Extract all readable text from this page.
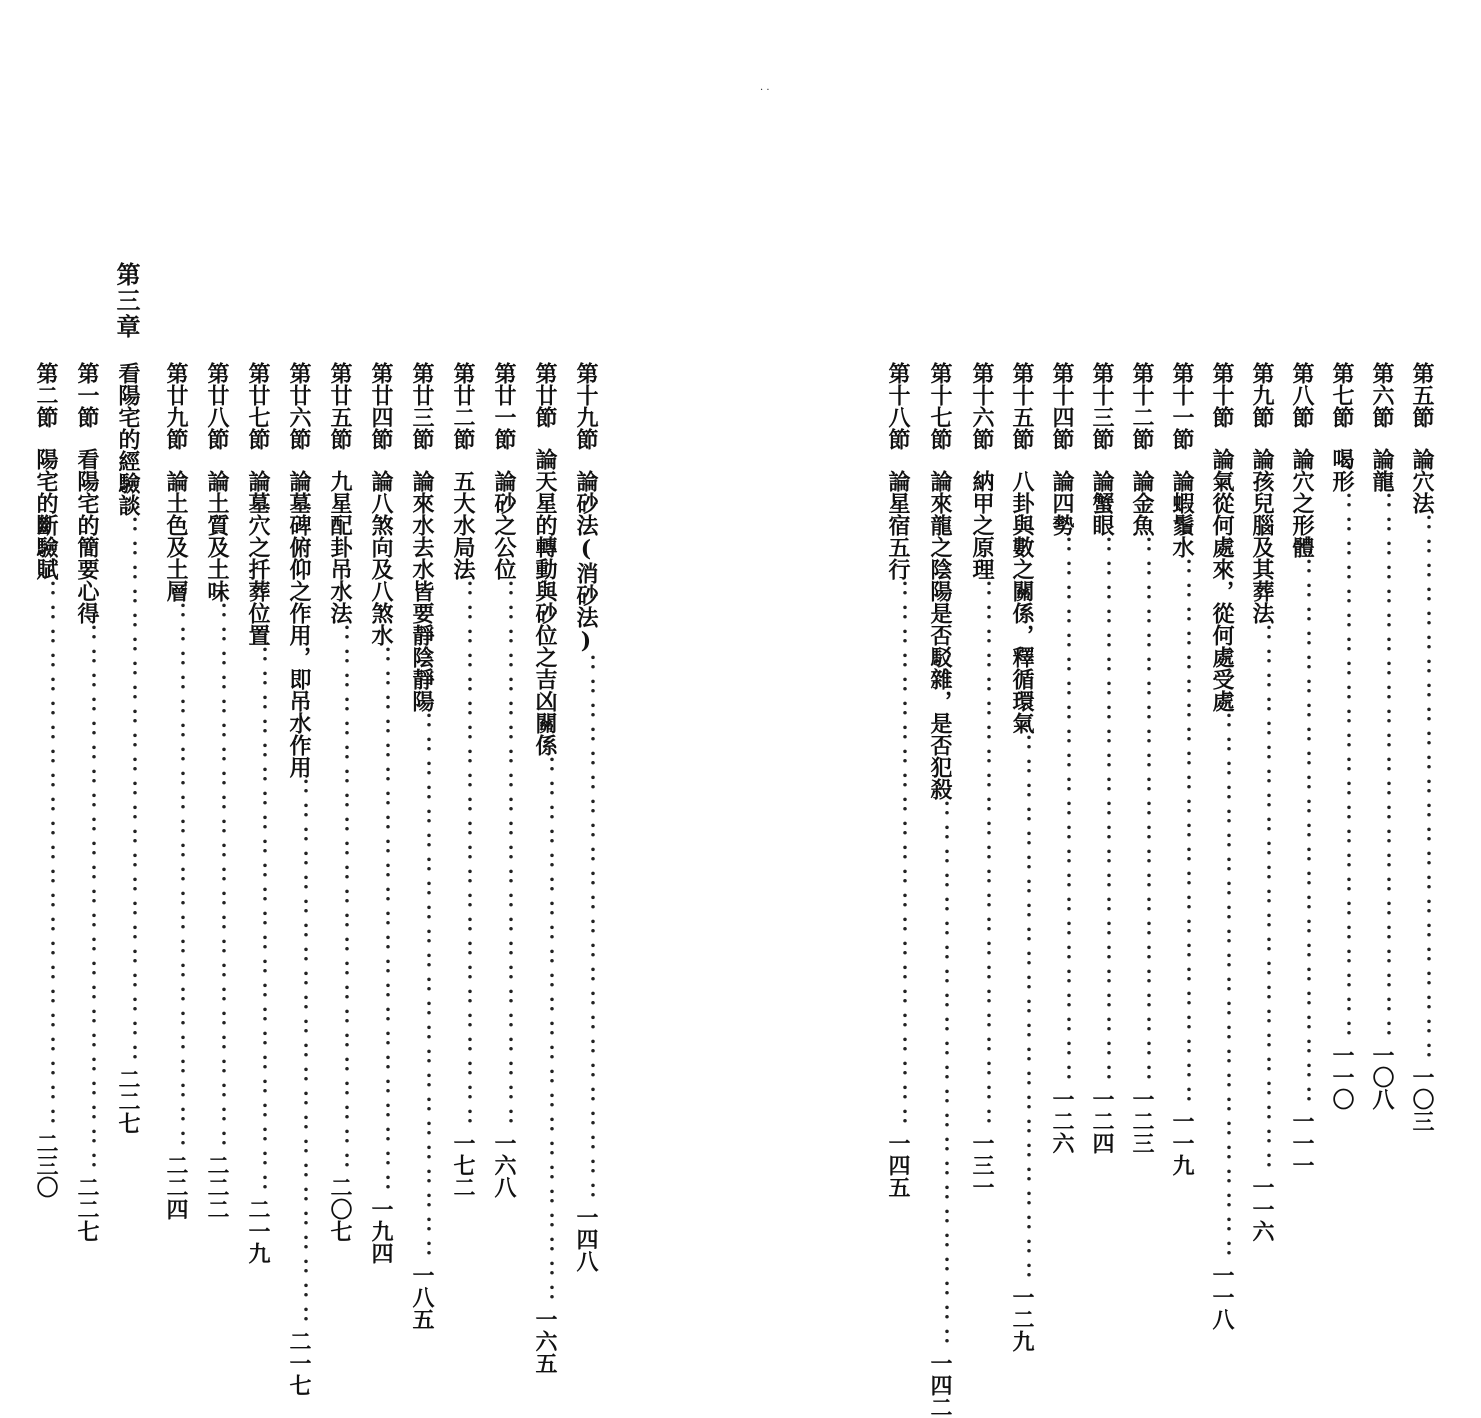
· ·
第五節
論穴法
：：：：：：：：：：：：：：：：：：：：：：：
一〇三
第六節
論龍
：：：：：：：：：：：：：：：：：：：：：：：
一〇八
第七節
喝形
：：：：：：：：：：：：：：：：：：：：：：：
一一〇
第八節
論穴之形體
：：：：：：：：：：：：：：：：：：：：：：：
一一一
第九節
論孩兒腦及其葬法
：：：：：：：：：：：：：：：：：：：：：：：
一一六
第十節
論氣從何處來，從何處受處
：：：：：：：：：：：：：：：：：：：：：：：
一一八
第十一節
論蝦鬚水
：：：：：：：：：：：：：：：：：：：：：：：
一一九
第十二節
論金魚
：：：：：：：：：：：：：：：：：：：：：：：
一二三
第十三節
論蟹眼
：：：：：：：：：：：：：：：：：：：：：：：
一二四
第十四節
論四勢
：：：：：：：：：：：：：：：：：：：：：：：
一二六
第十五節
八卦與數之關係，釋循環氣
：：：：：：：：：：：：：：：：：：：：：：：
一二九
第十六節
納甲之原理
：：：：：：：：：：：：：：：：：：：：：：：
一三一
第十七節
論來龍之陰陽是否駁雜，是否犯殺
：：：：：：：：：：：：：：：：：：：：：：：
一四二
第十八節
論星宿五行
：：：：：：：：：：：：：：：：：：：：：：：
一四五
第十九節
論砂法(消砂法)
：：：：：：：：：：：：：：：：：：：：：：：
一四八
第廿節
論天星的轉動與砂位之吉凶關係
：：：：：：：：：：：：：：：：：：：：：：：
一六五
第廿一節
論砂之公位
：：：：：：：：：：：：：：：：：：：：：：：
一六八
第廿二節
五大水局法
：：：：：：：：：：：：：：：：：：：：：：：
一七二
第廿三節
論來水去水皆要靜陰靜陽
：：：：：：：：：：：：：：：：：：：：：：：
一八五
第廿四節
論八煞向及八煞水
：：：：：：：：：：：：：：：：：：：：：：：
一九四
第廿五節
九星配卦吊水法
：：：：：：：：：：：：：：：：：：：：：：：
二〇七
第廿六節
論墓碑俯仰之作用，即吊水作用
：：：：：：：：：：：：：：：：：：：：：：：
二一七
第廿七節
論墓穴之扦葬位置
：：：：：：：：：：：：：：：：：：：：：：：
二一九
第廿八節
論土質及土味
：：：：：：：：：：：：：：：：：：：：：：：
二二二
第廿九節
論土色及土層
：：：：：：：：：：：：：：：：：：：：：：：
二二四
第三章
看陽宅的經驗談
：：：：：：：：：：：：：：：：：：：：：：：
二二七
第一節
看陽宅的簡要心得
：：：：：：：：：：：：：：：：：：：：：：：
二二七
第二節
陽宅的斷驗賦
：：：：：：：：：：：：：：：：：：：：：：：
二三〇
